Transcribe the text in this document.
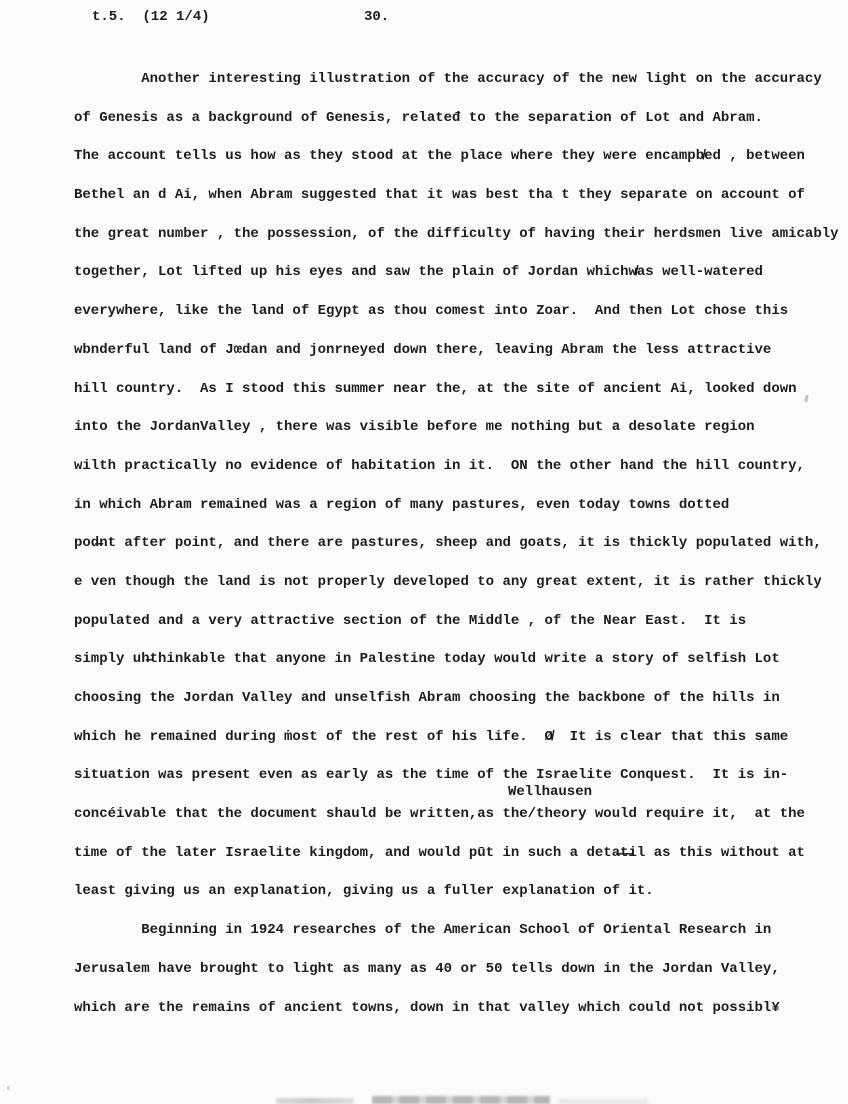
t.5.  (12 1/4)	30.
Another interesting illustration of the accuracy of the new light on the accuracy
of Genesis as a background of Genesis, relateđ to the separation of Lot and Abram.
The account tells us how as they stood at the place where they were encampb̸ed , between
Bethel an d Ai, when Abram suggested that it was best tha t they separate on account of
the great number , the possession, of the difficulty of having their herdsmen live amicably
together, Lot lifted up his eyes and saw the plain of Jordan whichw̸as well-watered
everywhere, like the land of Egypt as thou comest into Zoar.  And then Lot chose this
wbnderful land of Jœdan and jonrneyed down there, leaving Abram the less attractive
hill country.  As I stood this summer near the, at the site of ancient Ai, looked down
into the JordanValley , there was visible before me nothing but a desolate region
wilth practically no evidence of habitation in it.  ON the other hand the hill country,
in which Abram remained was a region of many pastures, even today towns dotted
pod̶nt after point, and there are pastures, sheep and goats, it is thickly populated with,
e ven though the land is not properly developed to any great extent, it is rather thickly
populated and a very attractive section of the Middle , of the Near East.  It is
simply uh̶thinkable that anyone in Palestine today would write a story of selfish Lot
choosing the Jordan Valley and unselfish Abram choosing the backbone of the hills in
which he remained during ṁost of the rest of his life.  Ø̸  It is clear that this same
situation was present even as early as the time of the Israelite Conquest.  It is in-
concéivable that the document shauld be written,as the/theory would require it,  at the
time of the later Israelite kingdom, and would pūt in such a deta̶t̶il as this without at
least giving us an explanation, giving us a fuller explanation of it.
Beginning in 1924 researches of the American School of Oriental Research in
Jerusalem have brought to light as many as 40 or 50 tells down in the Jordan Valley,
which are the remains of ancient towns, down in that valley which could not possibl¥
Wellhausen
